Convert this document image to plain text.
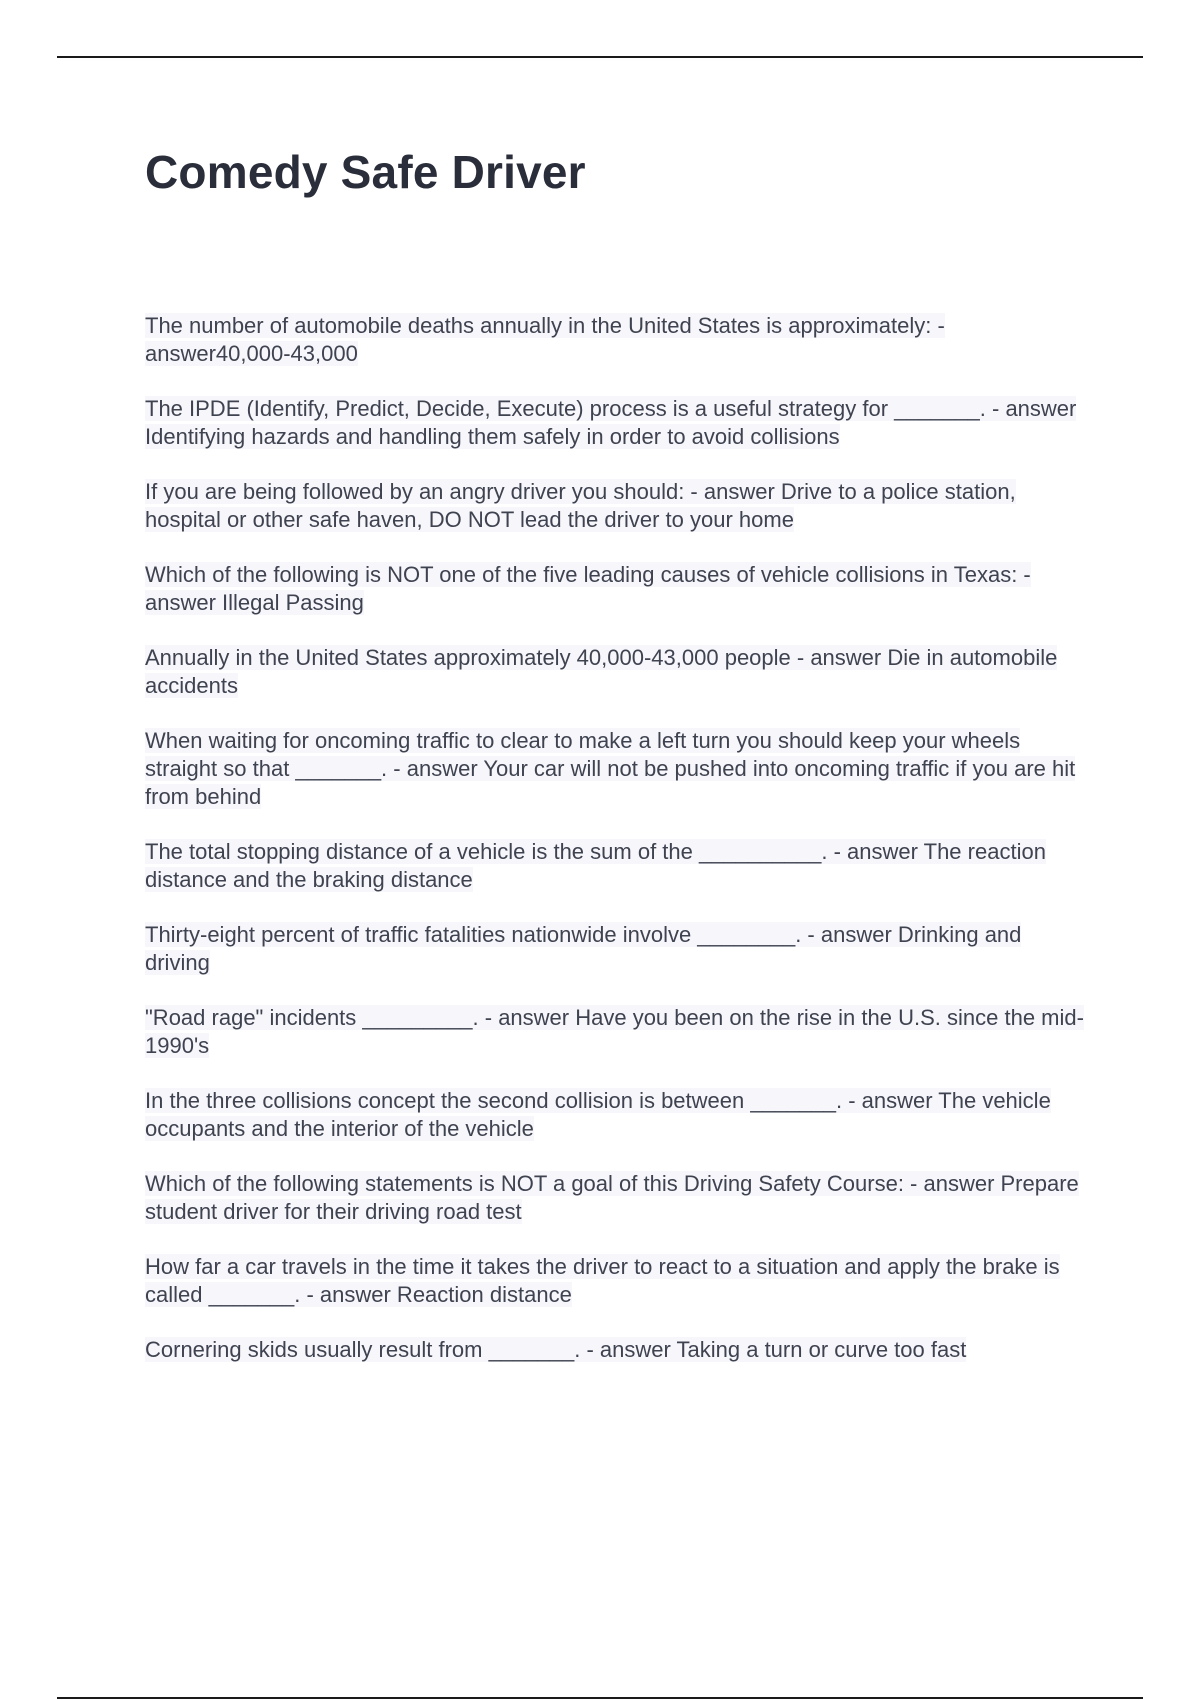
Comedy Safe Driver
The number of automobile deaths annually in the United States is approximately: - answer40,000-43,000
The IPDE (Identify, Predict, Decide, Execute) process is a useful strategy for _______. - answer Identifying hazards and handling them safely in order to avoid collisions
If you are being followed by an angry driver you should: - answer Drive to a police station, hospital or other safe haven, DO NOT lead the driver to your home
Which of the following is NOT one of the five leading causes of vehicle collisions in Texas: - answer Illegal Passing
Annually in the United States approximately 40,000-43,000 people - answer Die in automobile accidents
When waiting for oncoming traffic to clear to make a left turn you should keep your wheels straight so that _______. - answer Your car will not be pushed into oncoming traffic if you are hit from behind
The total stopping distance of a vehicle is the sum of the __________. - answer The reaction distance and the braking distance
Thirty-eight percent of traffic fatalities nationwide involve ________. - answer Drinking and driving
"Road rage" incidents _________. - answer Have you been on the rise in the U.S. since the mid-1990's
In the three collisions concept the second collision is between _______. - answer The vehicle occupants and the interior of the vehicle
Which of the following statements is NOT a goal of this Driving Safety Course: - answer Prepare student driver for their driving road test
How far a car travels in the time it takes the driver to react to a situation and apply the brake is called _______. - answer Reaction distance
Cornering skids usually result from _______. - answer Taking a turn or curve too fast
